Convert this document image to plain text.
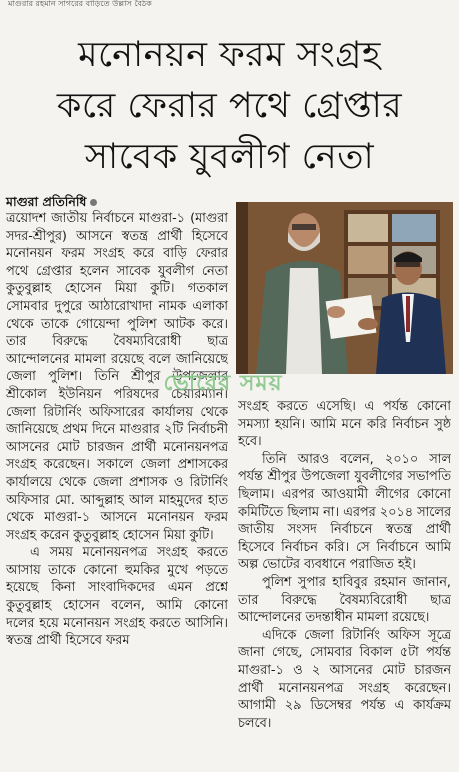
মাগুরার রহমান সাগরের বাড়িতে উল্লাস বৈঠক
মনোনয়ন ফরম সংগ্রহ
করে ফেরার পথে গ্রেপ্তার
সাবেক যুবলীগ নেতা
মাগুরা প্রতিনিধি

ত্রয়োদশ জাতীয় নির্বাচনে মাগুরা-১ (মাগুরা সদর-শ্রীপুর) আসনে স্বতন্ত্র প্রার্থী হিসেবে মনোনয়ন ফরম সংগ্রহ করে বাড়ি ফেরার পথে গ্রেপ্তার হলেন সাবেক যুবলীগ নেতা কুতুবুল্লাহ হোসেন মিয়া কুটি। গতকাল সোমবার দুপুরে আঠারোখাদা নামক এলাকা থেকে তাকে গোয়েন্দা পুলিশ আটক করে। তার বিরুদ্ধে বৈষম্যবিরোধী ছাত্র আন্দোলনের মামলা রয়েছে বলে জানিয়েছে জেলা পুলিশ। তিনি শ্রীপুর উপজেলার শ্রীকোল ইউনিয়ন পরিষদের চেয়ারম্যান। জেলা রিটার্নিং অফিসারের কার্যালয় থেকে জানিয়েছে প্রথম দিনে মাগুরার ২টি নির্বাচনী আসনের মোট চারজন প্রার্থী মনোনয়নপত্র সংগ্রহ করেছেন। সকালে জেলা প্রশাসকের কার্যালয়ে থেকে জেলা প্রশাসক ও রিটার্নিং অফিসার মো. আব্দুল্লাহ আল মাহমুদের হাত থেকে মাগুরা-১ আসনে মনোনয়ন ফরম সংগ্রহ করেন কুতুবুল্লাহ হোসেন মিয়া কুটি।

এ সময় মনোনয়নপত্র সংগ্রহ করতে আসায় তাকে কোনো হুমকির মুখে পড়তে হয়েছে কিনা সাংবাদিকদের এমন প্রশ্নে কুতুবুল্লাহ হোসেন বলেন, আমি কোনো দলের হয়ে মনোনয়ন সংগ্রহ করতে আসিনি। স্বতন্ত্র প্রার্থী হিসেবে ফরম

সংগ্রহ করতে এসেছি। এ পর্যন্ত কোনো সমস্যা হয়নি। আমি মনে করি নির্বাচন সুষ্ঠ হবে।

তিনি আরও বলেন, ২০১০ সাল পর্যন্ত শ্রীপুর উপজেলা যুবলীগের সভাপতি ছিলাম। এরপর আওয়ামী লীগের কোনো কমিটিতে ছিলাম না। এরপর ২০১৪ সালের জাতীয় সংসদ নির্বাচনে স্বতন্ত্র প্রার্থী হিসেবে নির্বাচন করি। সে নির্বাচনে আমি অল্প ভোটের ব্যবধানে পরাজিত হই।

পুলিশ সুপার হাবিবুর রহমান জানান, তার বিরুদ্ধে বৈষম্যবিরোধী ছাত্র আন্দোলনের তদন্তাধীন মামলা রয়েছে।

এদিকে জেলা রিটার্নিং অফিস সূত্রে জানা গেছে, সোমবার বিকাল ৫টা পর্যন্ত মাগুরা-১ ও ২ আসনের মোট চারজন প্রার্থী মনোনয়নপত্র সংগ্রহ করেছেন। আগামী ২৯ ডিসেম্বর পর্যন্ত এ কার্যক্রম চলবে।

ভোরের সময়
